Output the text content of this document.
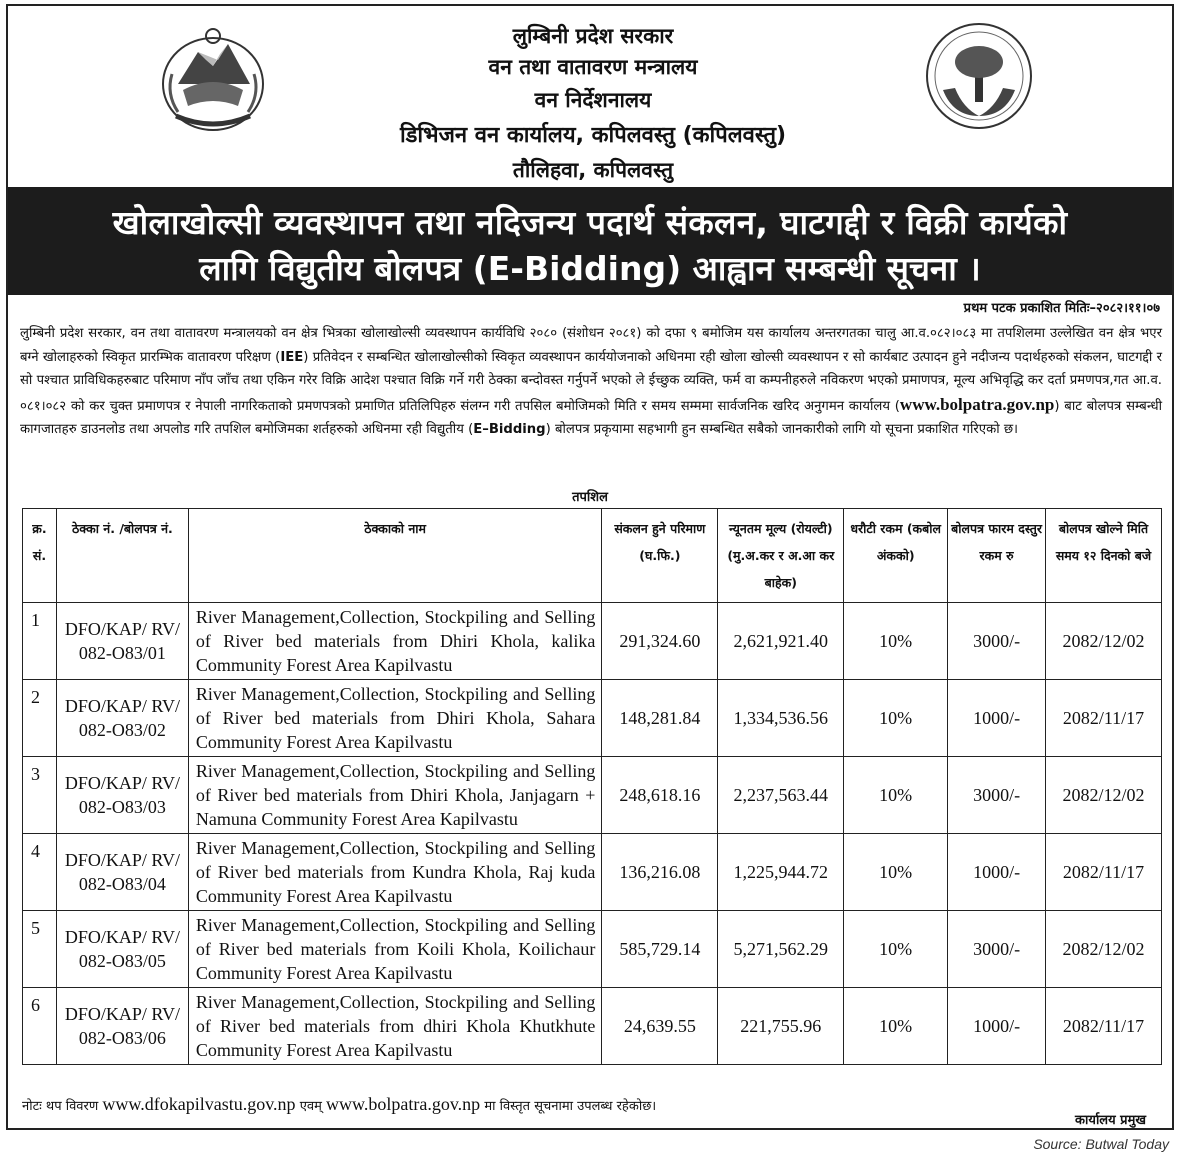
लुम्बिनी प्रदेश सरकार
वन तथा वातावरण मन्त्रालय
वन निर्देशनालय
डिभिजन वन कार्यालय, कपिलवस्तु (कपिलवस्तु)
तौलिहवा, कपिलवस्तु
खोलाखोल्सी व्यवस्थापन तथा नदिजन्य पदार्थ संकलन, घाटगद्दी र विक्री कार्यको
लागि विद्युतीय बोलपत्र (E-Bidding) आह्वान सम्बन्धी सूचना ।
प्रथम पटक प्रकाशित मितिः–२०८२।११।०७
लुम्बिनी प्रदेश सरकार, वन तथा वातावरण मन्त्रालयको वन क्षेत्र भित्रका खोलाखोल्सी व्यवस्थापन कार्यविधि २०८० (संशोधन २०८१) को दफा ९ बमोजिम यस कार्यालय अन्तरगतका चालु आ.व.०८२।०८३ मा तपशिलमा उल्लेखित वन क्षेत्र भएर बग्ने खोलाहरुको स्विकृत प्रारम्भिक वातावरण परिक्षण (IEE) प्रतिवेदन र सम्बन्धित खोलाखोल्सीको स्विकृत व्यवस्थापन कार्ययोजनाको अधिनमा रही खोला खोल्सी व्यवस्थापन र सो कार्यबाट उत्पादन हुने नदीजन्य पदार्थहरुको संकलन, घाटगद्दी र सो पश्चात प्राविधिकहरुबाट परिमाण नाँप जाँच तथा एकिन गरेर विक्रि आदेश पश्चात विक्रि गर्ने गरी ठेक्का बन्दोवस्त गर्नुपर्ने भएको ले ईच्छुक व्यक्ति, फर्म वा कम्पनीहरुले नविकरण भएको प्रमाणपत्र, मूल्य अभिवृद्धि कर दर्ता प्रमणपत्र,गत आ.व. ०८१।०८२ को कर चुक्त प्रमाणपत्र र नेपाली नागरिकताको प्रमणपत्रको प्रमाणित प्रतिलिपिहरु संलग्न गरी तपसिल बमोजिमको मिति र समय सम्ममा सार्वजनिक खरिद अनुगमन कार्यालय (www.bolpatra.gov.np) बाट बोलपत्र सम्बन्धी कागजातहरु डाउनलोड तथा अपलोड गरि तपशिल बमोजिमका शर्तहरुको अधिनमा रही विद्युतीय (E–Bidding) बोलपत्र प्रकृयामा सहभागी हुन सम्बन्धित सबैको जानकारीको लागि यो सूचना प्रकाशित गरिएको छ।
तपशिल
क्र. सं.	ठेक्का नं. /बोलपत्र नं.	ठेक्काको नाम	संकलन हुने परिमाण (घ.फि.)	न्यूनतम मूल्य (रोयल्टी) (मु.अ.कर र अ.आ कर बाहेक)	धरौटी रकम (कबोल अंकको)	बोलपत्र फारम दस्तुर रकम रु	बोलपत्र खोल्ने मिति समय १२ दिनको बजे
1	DFO/KAP/ RV/ 082-O83/01	River Management,Collection, Stockpiling and Selling of River bed materials from Dhiri Khola, kalika Community Forest Area Kapilvastu	291,324.60	2,621,921.40	10%	3000/-	2082/12/02
2	DFO/KAP/ RV/ 082-O83/02	River Management,Collection, Stockpiling and Selling of River bed materials from Dhiri Khola, Sahara Community Forest Area Kapilvastu	148,281.84	1,334,536.56	10%	1000/-	2082/11/17
3	DFO/KAP/ RV/ 082-O83/03	River Management,Collection, Stockpiling and Selling of River bed materials from Dhiri Khola, Janjagarn + Namuna Community Forest Area Kapilvastu	248,618.16	2,237,563.44	10%	3000/-	2082/12/02
4	DFO/KAP/ RV/ 082-O83/04	River Management,Collection, Stockpiling and Selling of River bed materials from Kundra Khola, Raj kuda Community Forest Area Kapilvastu	136,216.08	1,225,944.72	10%	1000/-	2082/11/17
5	DFO/KAP/ RV/ 082-O83/05	River Management,Collection, Stockpiling and Selling of River bed materials from Koili Khola, Koilichaur Community Forest Area Kapilvastu	585,729.14	5,271,562.29	10%	3000/-	2082/12/02
6	DFO/KAP/ RV/ 082-O83/06	River Management,Collection, Stockpiling and Selling of River bed materials from dhiri Khola Khutkhute Community Forest Area Kapilvastu	24,639.55	221,755.96	10%	1000/-	2082/11/17
नोटः थप विवरण www.dfokapilvastu.gov.np एवम् www.bolpatra.gov.np मा विस्तृत सूचनामा उपलब्ध रहेकोछ।
कार्यालय प्रमुख
Source: Butwal Today
